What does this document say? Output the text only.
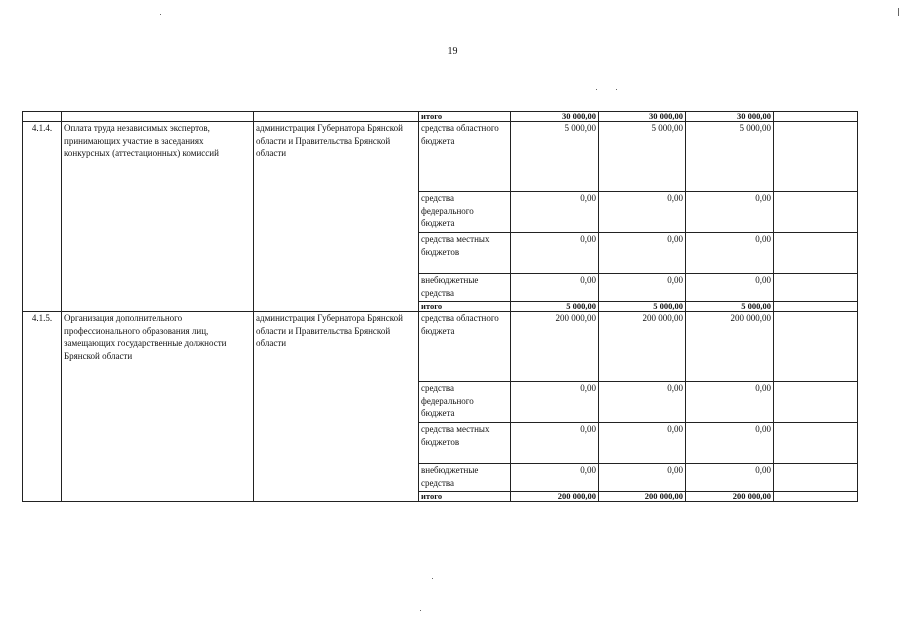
19
			итого	30 000,00	30 000,00	30 000,00	
4.1.4.	Оплата труда независимых экспертов, принимающих участие в заседаниях конкурсных (аттестационных) комиссий	администрация Губернатора Брянской области и Правительства Брянской области	средства областного бюджета	5 000,00	5 000,00	5 000,00	
			средства федерального бюджета	0,00	0,00	0,00	
			средства местных бюджетов	0,00	0,00	0,00	
			внебюджетные средства	0,00	0,00	0,00	
			итого	5 000,00	5 000,00	5 000,00	
4.1.5.	Организация дополнительного профессионального образования лиц, замещающих государственные должности Брянской области	администрация Губернатора Брянской области и Правительства Брянской области	средства областного бюджета	200 000,00	200 000,00	200 000,00	
			средства федерального бюджета	0,00	0,00	0,00	
			средства местных бюджетов	0,00	0,00	0,00	
			внебюджетные средства	0,00	0,00	0,00	
			итого	200 000,00	200 000,00	200 000,00	
